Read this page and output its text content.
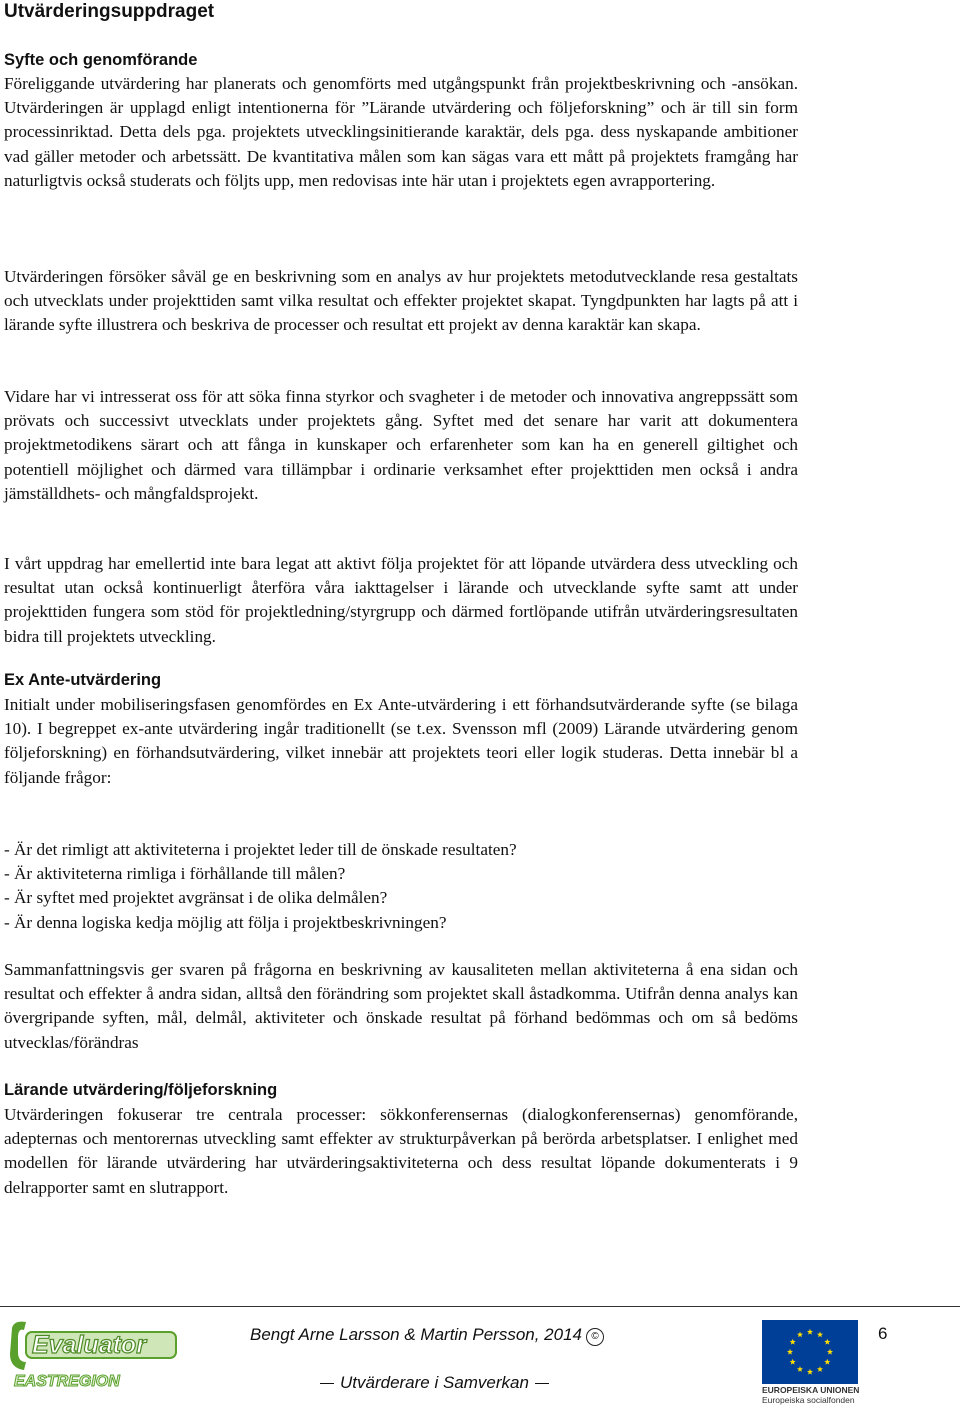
Utvärderingsuppdraget
Syfte och genomförande

Föreliggande utvärdering har planerats och genomförts med utgångspunkt från projektbeskrivning och -ansökan. Utvärderingen är upplagd enligt intentionerna för ”Lärande utvärdering och följeforskning” och är till sin form processinriktad. Detta dels pga. projektets utvecklingsinitierande karaktär, dels pga. dess nyskapande ambitioner vad gäller metoder och arbetssätt. De kvantitativa målen som kan sägas vara ett mått på projektets framgång har naturligtvis också studerats och följts upp, men redovisas inte här utan i projektets egen avrapportering.

Utvärderingen försöker såväl ge en beskrivning som en analys av hur projektets metodutvecklande resa gestaltats och utvecklats under projekttiden samt vilka resultat och effekter projektet skapat. Tyngdpunkten har lagts på att i lärande syfte illustrera och beskriva de processer och resultat ett projekt av denna karaktär kan skapa.

Vidare har vi intresserat oss för att söka finna styrkor och svagheter i de metoder och innovativa angreppssätt som prövats och successivt utvecklats under projektets gång. Syftet med det senare har varit att dokumentera projektmetodikens särart och att fånga in kunskaper och erfarenheter som kan ha en generell giltighet och potentiell möjlighet och därmed vara tillämpbar i ordinarie verksamhet efter projekttiden men också i andra jämställdhets- och mångfaldsprojekt.

I vårt uppdrag har emellertid inte bara legat att aktivt följa projektet för att löpande utvärdera dess utveckling och resultat utan också kontinuerligt återföra våra iakttagelser i lärande och utvecklande syfte samt att under projekttiden fungera som stöd för projektledning/styrgrupp och därmed fortlöpande utifrån utvärderingsresultaten bidra till projektets utveckling.

Ex Ante-utvärdering

Initialt under mobiliseringsfasen genomfördes en Ex Ante-utvärdering i ett förhandsutvärderande syfte (se bilaga 10). I begreppet ex-ante utvärdering ingår traditionellt (se t.ex. Svensson mfl (2009) Lärande utvärdering genom följeforskning) en förhandsutvärdering, vilket innebär att projektets teori eller logik studeras. Detta innebär bl a följande frågor:

- Är det rimligt att aktiviteterna i projektet leder till de önskade resultaten?
- Är aktiviteterna rimliga i förhållande till målen?
- Är syftet med projektet avgränsat i de olika delmålen?
- Är denna logiska kedja möjlig att följa i projektbeskrivningen?

Sammanfattningsvis ger svaren på frågorna en beskrivning av kausaliteten mellan aktiviteterna å ena sidan och resultat och effekter å andra sidan, alltså den förändring som projektet skall åstadkomma. Utifrån denna analys kan övergripande syften, mål, delmål, aktiviteter och önskade resultat på förhand bedömmas och om så bedöms utvecklas/förändras

Lärande utvärdering/följeforskning

Utvärderingen fokuserar tre centrala processer: sökkonferensernas (dialogkonferensernas) genomförande, adepternas och mentorernas utveckling samt effekter av strukturpåverkan på berörda arbetsplatser. I enlighet med modellen för lärande utvärdering har utvärderingsaktiviteterna och dess resultat löpande dokumenterats i 9 delrapporter samt en slutrapport.

Evaluator
EASTREGION
Bengt Arne Larsson & Martin Persson, 2014 ©
Utvärderare i Samverkan
6
EUROPEISKA UNIONEN
Europeiska socialfonden
